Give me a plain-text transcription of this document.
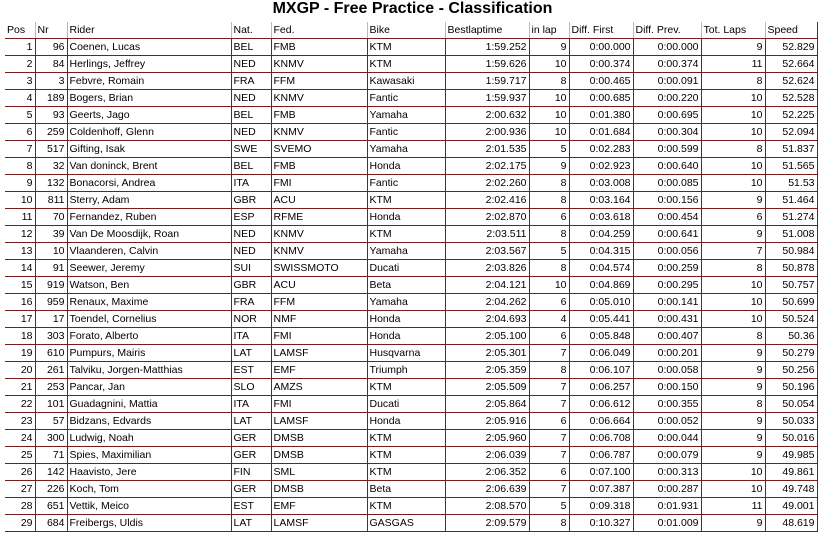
MXGP - Free Practice - Classification
Pos	Nr	Rider	Nat.	Fed.	Bike	Bestlaptime	in lap	Diff. First	Diff. Prev.	Tot. Laps	Speed
1	96	Coenen, Lucas	BEL	FMB	KTM	1:59.252	9	0:00.000	0:00.000	9	52.829
2	84	Herlings, Jeffrey	NED	KNMV	KTM	1:59.626	10	0:00.374	0:00.374	11	52.664
3	3	Febvre, Romain	FRA	FFM	Kawasaki	1:59.717	8	0:00.465	0:00.091	8	52.624
4	189	Bogers, Brian	NED	KNMV	Fantic	1:59.937	10	0:00.685	0:00.220	10	52.528
5	93	Geerts, Jago	BEL	FMB	Yamaha	2:00.632	10	0:01.380	0:00.695	10	52.225
6	259	Coldenhoff, Glenn	NED	KNMV	Fantic	2:00.936	10	0:01.684	0:00.304	10	52.094
7	517	Gifting, Isak	SWE	SVEMO	Yamaha	2:01.535	5	0:02.283	0:00.599	8	51.837
8	32	Van doninck, Brent	BEL	FMB	Honda	2:02.175	9	0:02.923	0:00.640	10	51.565
9	132	Bonacorsi, Andrea	ITA	FMI	Fantic	2:02.260	8	0:03.008	0:00.085	10	51.53
10	811	Sterry, Adam	GBR	ACU	KTM	2:02.416	8	0:03.164	0:00.156	9	51.464
11	70	Fernandez, Ruben	ESP	RFME	Honda	2:02.870	6	0:03.618	0:00.454	6	51.274
12	39	Van De Moosdijk, Roan	NED	KNMV	KTM	2:03.511	8	0:04.259	0:00.641	9	51.008
13	10	Vlaanderen, Calvin	NED	KNMV	Yamaha	2:03.567	5	0:04.315	0:00.056	7	50.984
14	91	Seewer, Jeremy	SUI	SWISSMOTO	Ducati	2:03.826	8	0:04.574	0:00.259	8	50.878
15	919	Watson, Ben	GBR	ACU	Beta	2:04.121	10	0:04.869	0:00.295	10	50.757
16	959	Renaux, Maxime	FRA	FFM	Yamaha	2:04.262	6	0:05.010	0:00.141	10	50.699
17	17	Toendel, Cornelius	NOR	NMF	Honda	2:04.693	4	0:05.441	0:00.431	10	50.524
18	303	Forato, Alberto	ITA	FMI	Honda	2:05.100	6	0:05.848	0:00.407	8	50.36
19	610	Pumpurs, Mairis	LAT	LAMSF	Husqvarna	2:05.301	7	0:06.049	0:00.201	9	50.279
20	261	Talviku, Jorgen-Matthias	EST	EMF	Triumph	2:05.359	8	0:06.107	0:00.058	9	50.256
21	253	Pancar, Jan	SLO	AMZS	KTM	2:05.509	7	0:06.257	0:00.150	9	50.196
22	101	Guadagnini, Mattia	ITA	FMI	Ducati	2:05.864	7	0:06.612	0:00.355	8	50.054
23	57	Bidzans, Edvards	LAT	LAMSF	Honda	2:05.916	6	0:06.664	0:00.052	9	50.033
24	300	Ludwig, Noah	GER	DMSB	KTM	2:05.960	7	0:06.708	0:00.044	9	50.016
25	71	Spies, Maximilian	GER	DMSB	KTM	2:06.039	7	0:06.787	0:00.079	9	49.985
26	142	Haavisto, Jere	FIN	SML	KTM	2:06.352	6	0:07.100	0:00.313	10	49.861
27	226	Koch, Tom	GER	DMSB	Beta	2:06.639	7	0:07.387	0:00.287	10	49.748
28	651	Vettik, Meico	EST	EMF	KTM	2:08.570	5	0:09.318	0:01.931	11	49.001
29	684	Freibergs, Uldis	LAT	LAMSF	GASGAS	2:09.579	8	0:10.327	0:01.009	9	48.619
